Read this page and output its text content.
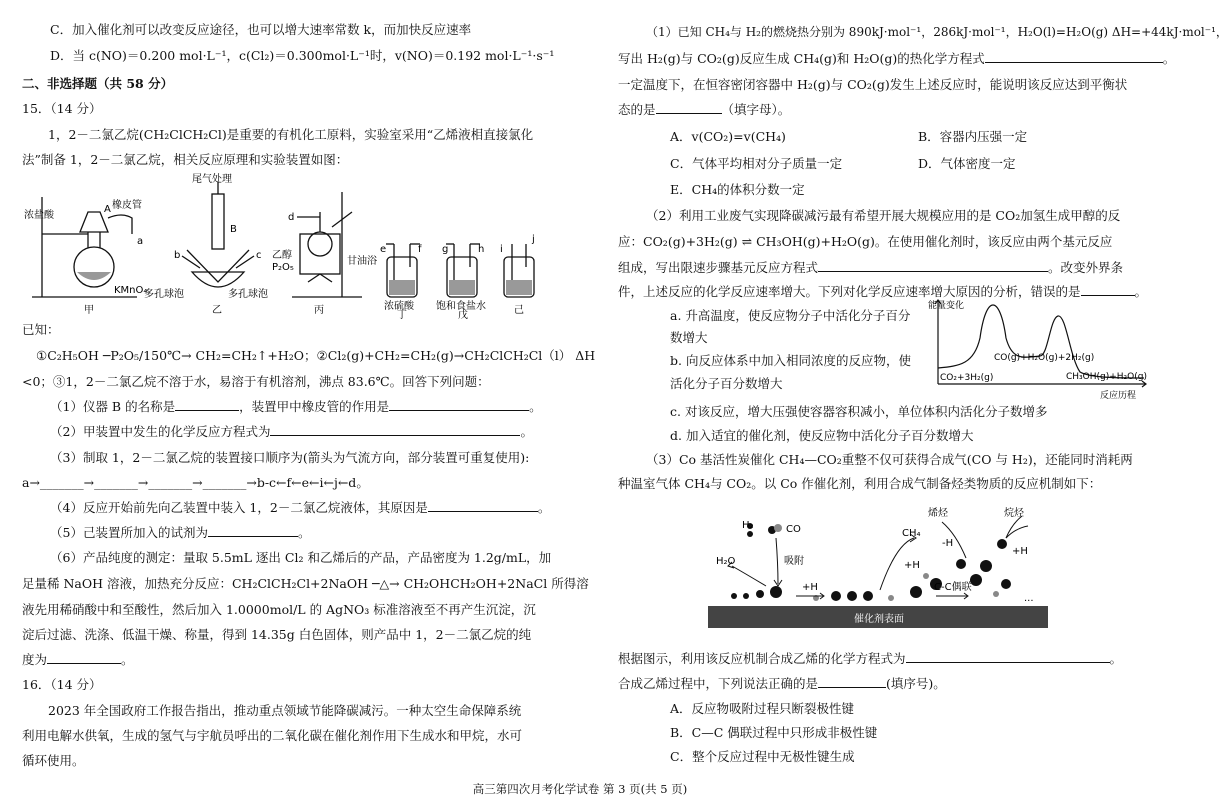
C．加入催化剂可以改变反应途径，也可以增大速率常数 k，而加快反应速率
D．当 c(NO)＝0.200 mol·L⁻¹，c(Cl₂)＝0.300mol·L⁻¹时，v(NO)＝0.192 mol·L⁻¹·s⁻¹
二、非选择题（共 58 分）
15．（14 分）
1，2－二氯乙烷(CH₂ClCH₂Cl)是重要的有机化工原料，实验室采用“乙烯液相直接氯化
法”制备 1，2－二氯乙烷，相关反应原理和实验装置如图：
尾气处理
浓盐酸
橡皮管
A
KMnO₄
a
B
b	c
多孔球泡	多孔球泡
d
乙醇
P₂O₅
甘油浴
e	f g	h i
j
浓硫酸 饱和食盐水
甲	乙	丙	丁	戊	己
已知：
①C₂H₅OH ─P₂O₅/150℃→ CH₂=CH₂↑+H₂O；②Cl₂(g)+CH₂=CH₂(g)→CH₂ClCH₂Cl（l） ΔH
<0；③1，2－二氯乙烷不溶于水，易溶于有机溶剂，沸点 83.6℃。回答下列问题：
（1）仪器 B 的名称是	，装置甲中橡皮管的作用是	。
（2）甲装置中发生的化学反应方程式为	。
（3）制取 1，2－二氯乙烷的装置接口顺序为(箭头为气流方向，部分装置可重复使用):
a→_______→_______→_______→_______→b-c←f←e←i←j←d。
（4）反应开始前先向乙装置中装入 1，2－二氯乙烷液体，其原因是	。
（5）己装置所加入的试剂为	。
（6）产品纯度的测定：量取 5.5mL 逐出 Cl₂ 和乙烯后的产品，产品密度为 1.2g/mL，加
足量稀 NaOH 溶液，加热充分反应：CH₂ClCH₂Cl+2NaOH ─△→ CH₂OHCH₂OH+2NaCl 所得溶
液先用稀硝酸中和至酸性，然后加入 1.0000mol/L 的 AgNO₃ 标准溶液至不再产生沉淀，沉
淀后过滤、洗涤、低温干燥、称量，得到 14.35g 白色固体，则产品中 1，2－二氯乙烷的纯
度为	。
16．（14 分）
2023 年全国政府工作报告指出，推动重点领域节能降碳减污。一种太空生命保障系统
利用电解水供氧，生成的氢气与宇航员呼出的二氧化碳在催化剂作用下生成水和甲烷，水可
循环使用。
（1）已知 CH₄与 H₂的燃烧热分别为 890kJ·mol⁻¹，286kJ·mol⁻¹，H₂O(l)=H₂O(g) ΔH=+44kJ·mol⁻¹，
写出 H₂(g)与 CO₂(g)反应生成 CH₄(g)和 H₂O(g)的热化学方程式	。
一定温度下，在恒容密闭容器中 H₂(g)与 CO₂(g)发生上述反应时，能说明该反应达到平衡状
态的是	（填字母）。
A．v(CO₂)=v(CH₄)	B．容器内压强一定
C．气体平均相对分子质量一定	D．气体密度一定
E．CH₄的体积分数一定
（2）利用工业废气实现降碳减污最有希望开展大规模应用的是 CO₂加氢生成甲醇的反
应：CO₂(g)+3H₂(g) ⇌ CH₃OH(g)+H₂O(g)。在使用催化剂时，该反应由两个基元反应
组成，写出限速步骤基元反应方程式	。改变外界条
件，上述反应的化学反应速率增大。下列对化学反应速率增大原因的分析，错误的是	。
a. 升高温度，使反应物分子中活化分子百分
数增大
b. 向反应体系中加入相同浓度的反应物，使
活化分子百分数增大
c. 对该反应，增大压强使容器容积减小，单位体积内活化分子数增多
d. 加入适宜的催化剂，使反应物中活化分子百分数增大
能量变化
CO₂+3H₂(g)
CO(g)+H₂O(g)+2H₂(g)
CH₃OH(g)+H₂O(g)
反应历程
（3）Co 基活性炭催化 CH₄—CO₂重整不仅可获得合成气(CO 与 H₂)，还能同时消耗两
种温室气体 CH₄与 CO₂。以 Co 作催化剂，利用合成气制备烃类物质的反应机制如下：
催化剂表面
H₂	CO
吸附
H₂O
CH₄
+H
+H	C-C偶联
烯烃	烷烃
-H
+H
···
根据图示，利用该反应机制合成乙烯的化学方程式为	。
合成乙烯过程中，下列说法正确的是	(填序号)。
A．反应物吸附过程只断裂极性键
B．C—C 偶联过程中只形成非极性键
C．整个反应过程中无极性键生成
高三第四次月考化学试卷 第 3 页(共 5 页)
